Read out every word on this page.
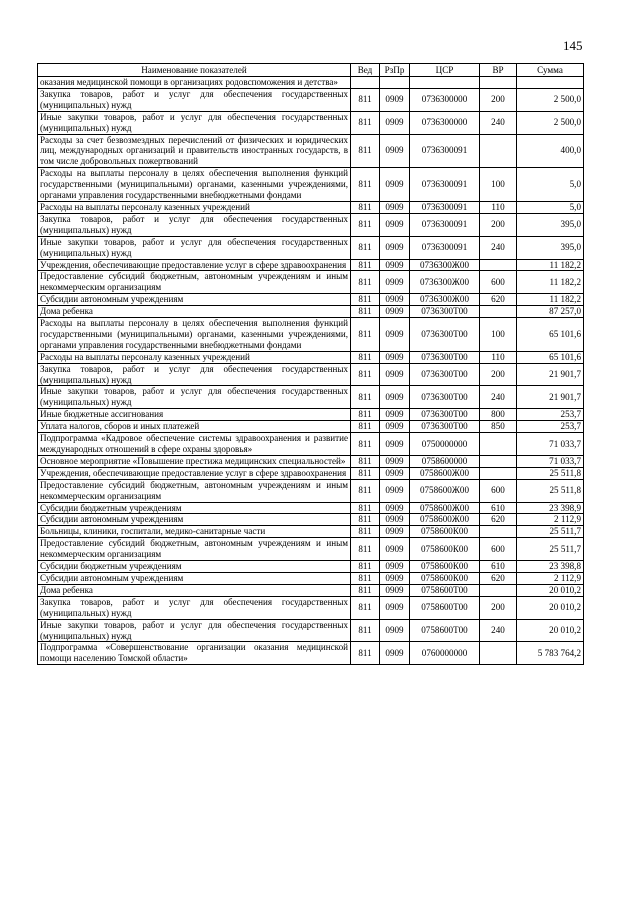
145
Наименование показателей	Вед	РзПр	ЦСР	ВР	Сумма
оказания медицинской помощи в организациях родовспоможения и детства»					
Закупка товаров, работ и услуг для обеспечения государственных (муниципальных) нужд	811	0909	0736300000	200	2 500,0
Иные закупки товаров, работ и услуг для обеспечения государственных (муниципальных) нужд	811	0909	0736300000	240	2 500,0
Расходы за счет безвозмездных перечислений от физических и юридических лиц, международных организаций и правительств иностранных государств, в том числе добровольных пожертвований	811	0909	0736300091		400,0
Расходы на выплаты персоналу в целях обеспечения выполнения функций государственными (муниципальными) органами, казенными учреждениями, органами управления государственными внебюджетными фондами	811	0909	0736300091	100	5,0
Расходы на выплаты персоналу казенных учреждений	811	0909	0736300091	110	5,0
Закупка товаров, работ и услуг для обеспечения государственных (муниципальных) нужд	811	0909	0736300091	200	395,0
Иные закупки товаров, работ и услуг для обеспечения государственных (муниципальных) нужд	811	0909	0736300091	240	395,0
Учреждения, обеспечивающие предоставление услуг в сфере здравоохранения	811	0909	0736300Ж00		11 182,2
Предоставление субсидий бюджетным, автономным учреждениям и иным некоммерческим организациям	811	0909	0736300Ж00	600	11 182,2
Субсидии автономным учреждениям	811	0909	0736300Ж00	620	11 182,2
Дома ребенка	811	0909	0736300Т00		87 257,0
Расходы на выплаты персоналу в целях обеспечения выполнения функций государственными (муниципальными) органами, казенными учреждениями, органами управления государственными внебюджетными фондами	811	0909	0736300Т00	100	65 101,6
Расходы на выплаты персоналу казенных учреждений	811	0909	0736300Т00	110	65 101,6
Закупка товаров, работ и услуг для обеспечения государственных (муниципальных) нужд	811	0909	0736300Т00	200	21 901,7
Иные закупки товаров, работ и услуг для обеспечения государственных (муниципальных) нужд	811	0909	0736300Т00	240	21 901,7
Иные бюджетные ассигнования	811	0909	0736300Т00	800	253,7
Уплата налогов, сборов и иных платежей	811	0909	0736300Т00	850	253,7
Подпрограмма «Кадровое обеспечение системы здравоохранения и развитие международных отношений в сфере охраны здоровья»	811	0909	0750000000		71 033,7
Основное мероприятие «Повышение престижа медицинских специальностей»	811	0909	0758600000		71 033,7
Учреждения, обеспечивающие предоставление услуг в сфере здравоохранения	811	0909	0758600Ж00		25 511,8
Предоставление субсидий бюджетным, автономным учреждениям и иным некоммерческим организациям	811	0909	0758600Ж00	600	25 511,8
Субсидии бюджетным учреждениям	811	0909	0758600Ж00	610	23 398,9
Субсидии автономным учреждениям	811	0909	0758600Ж00	620	2 112,9
Больницы, клиники, госпитали, медико-санитарные части	811	0909	0758600К00		25 511,7
Предоставление субсидий бюджетным, автономным учреждениям и иным некоммерческим организациям	811	0909	0758600К00	600	25 511,7
Субсидии бюджетным учреждениям	811	0909	0758600К00	610	23 398,8
Субсидии автономным учреждениям	811	0909	0758600К00	620	2 112,9
Дома ребенка	811	0909	0758600Т00		20 010,2
Закупка товаров, работ и услуг для обеспечения государственных (муниципальных) нужд	811	0909	0758600Т00	200	20 010,2
Иные закупки товаров, работ и услуг для обеспечения государственных (муниципальных) нужд	811	0909	0758600Т00	240	20 010,2
Подпрограмма «Совершенствование организации оказания медицинской помощи населению Томской области»	811	0909	0760000000		5 783 764,2
